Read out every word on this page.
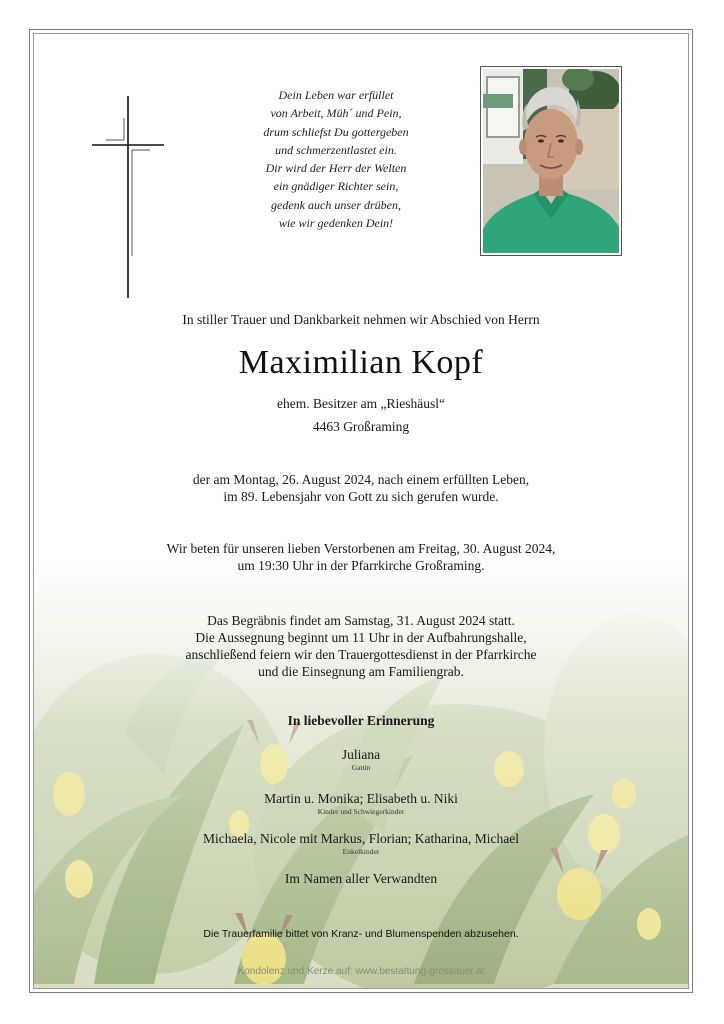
Dein Leben war erfüllet
von Arbeit, Müh´ und Pein,
drum schliefst Du gottergeben
und schmerzentlastet ein.
Dir wird der Herr der Welten
ein gnädiger Richter sein,
gedenk auch unser drüben,
wie wir gedenken Dein!
In stiller Trauer und Dankbarkeit nehmen wir Abschied von Herrn
Maximilian Kopf
ehem. Besitzer am „Rieshäusl“
4463 Großraming
der am Montag, 26. August 2024, nach einem erfüllten Leben,
im 89. Lebensjahr von Gott zu sich gerufen wurde.
Wir beten für unseren lieben Verstorbenen am Freitag, 30. August 2024,
um 19:30 Uhr in der Pfarrkirche Großraming.
Das Begräbnis findet am Samstag, 31. August 2024 statt.
Die Aussegnung beginnt um 11 Uhr in der Aufbahrungshalle,
anschließend feiern wir den Trauergottesdienst in der Pfarrkirche
und die Einsegnung am Familiengrab.
In liebevoller Erinnerung
Juliana
Gattin
Martin u. Monika; Elisabeth u. Niki
Kinder und Schwiegerkinder
Michaela, Nicole mit Markus, Florian; Katharina, Michael
Enkelkinder
Im Namen aller Verwandten
Die Trauerfamilie bittet von Kranz- und Blumenspenden abzusehen.
Kondolenz und Kerze auf: www.bestattung-grossauer.at
